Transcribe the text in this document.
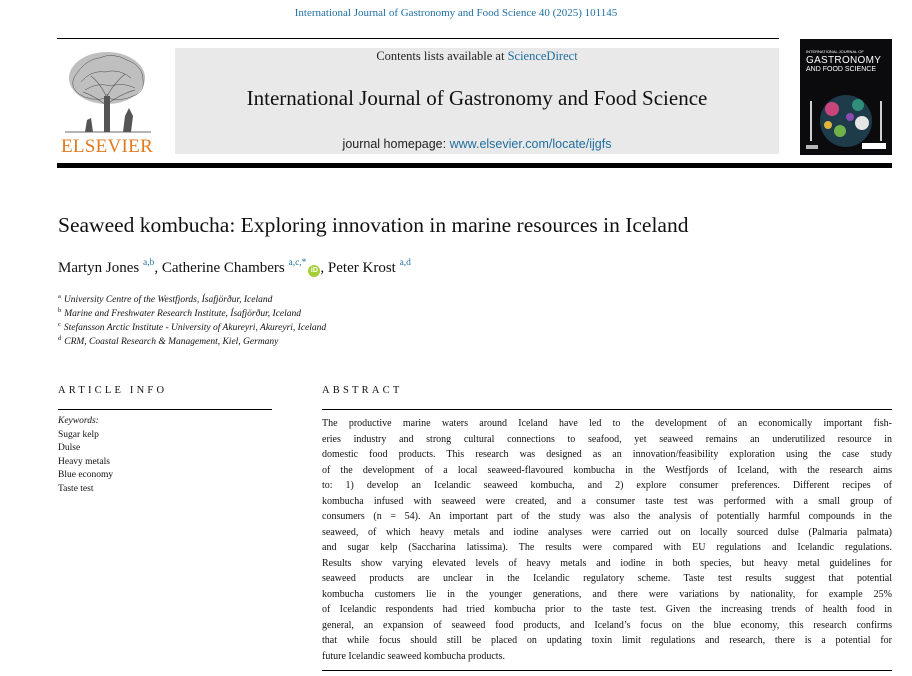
International Journal of Gastronomy and Food Science 40 (2025) 101145
ELSEVIER
Contents lists available at ScienceDirect
International Journal of Gastronomy and Food Science
journal homepage: www.elsevier.com/locate/ijgfs
INTERNATIONAL JOURNAL OF
GASTRONOMY
AND FOOD SCIENCE
Seaweed kombucha: Exploring innovation in marine resources in Iceland
Martyn Jones $^{a,b}$, Catherine Chambers $^{a,c,*}$iD , Peter Krost $^{a,d}$
$^a$ University Centre of the Westfjords, Ísafjörður, Iceland
$^b$ Marine and Freshwater Research Institute, Ísafjörður, Iceland
$^c$ Stefansson Arctic Institute - University of Akureyri, Akureyri, Iceland
$^d$ CRM, Coastal Research & Management, Kiel, Germany
ARTICLE INFO
Keywords:
Sugar kelp
Dulse
Heavy metals
Blue economy
Taste test
ABSTRACT
The productive marine waters around Iceland have led to the development of an economically important fish-
eries industry and strong cultural connections to seafood, yet seaweed remains an underutilized resource in
domestic food products. This research was designed as an innovation/feasibility exploration using the case study
of the development of a local seaweed-flavoured kombucha in the Westfjords of Iceland, with the research aims
to: 1) develop an Icelandic seaweed kombucha, and 2) explore consumer preferences. Different recipes of
kombucha infused with seaweed were created, and a consumer taste test was performed with a small group of
consumers (n = 54). An important part of the study was also the analysis of potentially harmful compounds in the
seaweed, of which heavy metals and iodine analyses were carried out on locally sourced dulse (Palmaria palmata)
and sugar kelp (Saccharina latissima). The results were compared with EU regulations and Icelandic regulations.
Results show varying elevated levels of heavy metals and iodine in both species, but heavy metal guidelines for
seaweed products are unclear in the Icelandic regulatory scheme. Taste test results suggest that potential
kombucha customers lie in the younger generations, and there were variations by nationality, for example 25%
of Icelandic respondents had tried kombucha prior to the taste test. Given the increasing trends of health food in
general, an expansion of seaweed food products, and Iceland’s focus on the blue economy, this research confirms
that while focus should still be placed on updating toxin limit regulations and research, there is a potential for
future Icelandic seaweed kombucha products.
